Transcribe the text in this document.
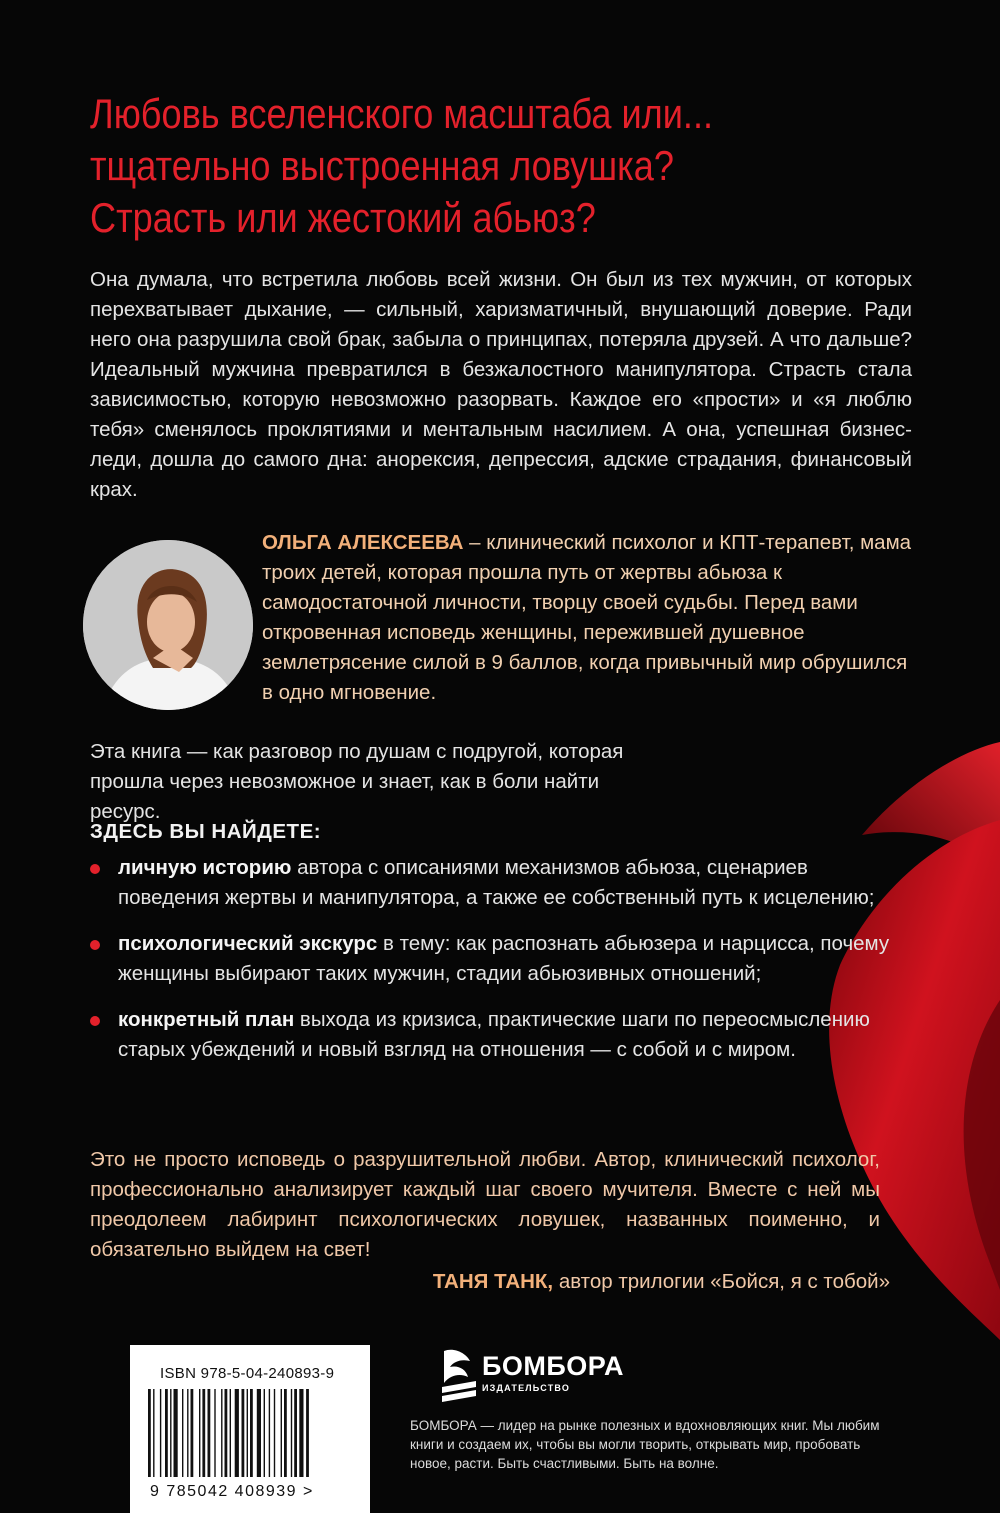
Любовь вселенского масштаба или...
тщательно выстроенная ловушка?
Страсть или жестокий абьюз?
Она думала, что встретила любовь всей жизни. Он был из тех мужчин, от которых перехватывает дыхание, — сильный, харизматичный, внушающий доверие. Ради него она разрушила свой брак, забыла о принципах, потеряла друзей. А что дальше? Идеальный мужчина превратился в безжалостного манипулятора. Страсть стала зависимостью, которую невозможно разорвать. Каждое его «прости» и «я люблю тебя» сменялось проклятиями и ментальным насилием. А она, успешная бизнес-леди, дошла до самого дна: анорексия, депрессия, адские страдания, финансовый крах.
ОЛЬГА АЛЕКСЕЕВА – клинический психолог и КПТ-терапевт, мама троих детей, которая прошла путь от жертвы абьюза к самодостаточной личности, творцу своей судьбы. Перед вами откровенная исповедь женщины, пережившей душевное землетрясение силой в 9 баллов, когда привычный мир обрушился в одно мгновение.
Эта книга — как разговор по душам с подругой, которая прошла через невозможное и знает, как в боли найти ресурс.
ЗДЕСЬ ВЫ НАЙДЕТЕ:
личную историю автора с описаниями механизмов абьюза, сценариев поведения жертвы и манипулятора, а также ее собственный путь к исцелению;
психологический экскурс в тему: как распознать абьюзера и нарцисса, почему женщины выбирают таких мужчин, стадии абьюзивных отношений;
конкретный план выхода из кризиса, практические шаги по переосмыслению старых убеждений и новый взгляд на отношения — с собой и с миром.
Это не просто исповедь о разрушительной любви. Автор, клинический психолог, профессионально анализирует каждый шаг своего мучителя. Вместе с ней мы преодолеем лабиринт психологических ловушек, названных поименно, и обязательно выйдем на свет!
ТАНЯ ТАНК, автор трилогии «Бойся, я с тобой»
ISBN 978-5-04-240893-9
9 785042 408939 >
БОМБОРА
ИЗДАТЕЛЬСТВО
БОМБОРА — лидер на рынке полезных и вдохновляющих книг. Мы любим книги и создаем их, чтобы вы могли творить, открывать мир, пробовать новое, расти. Быть счастливыми. Быть на волне.
